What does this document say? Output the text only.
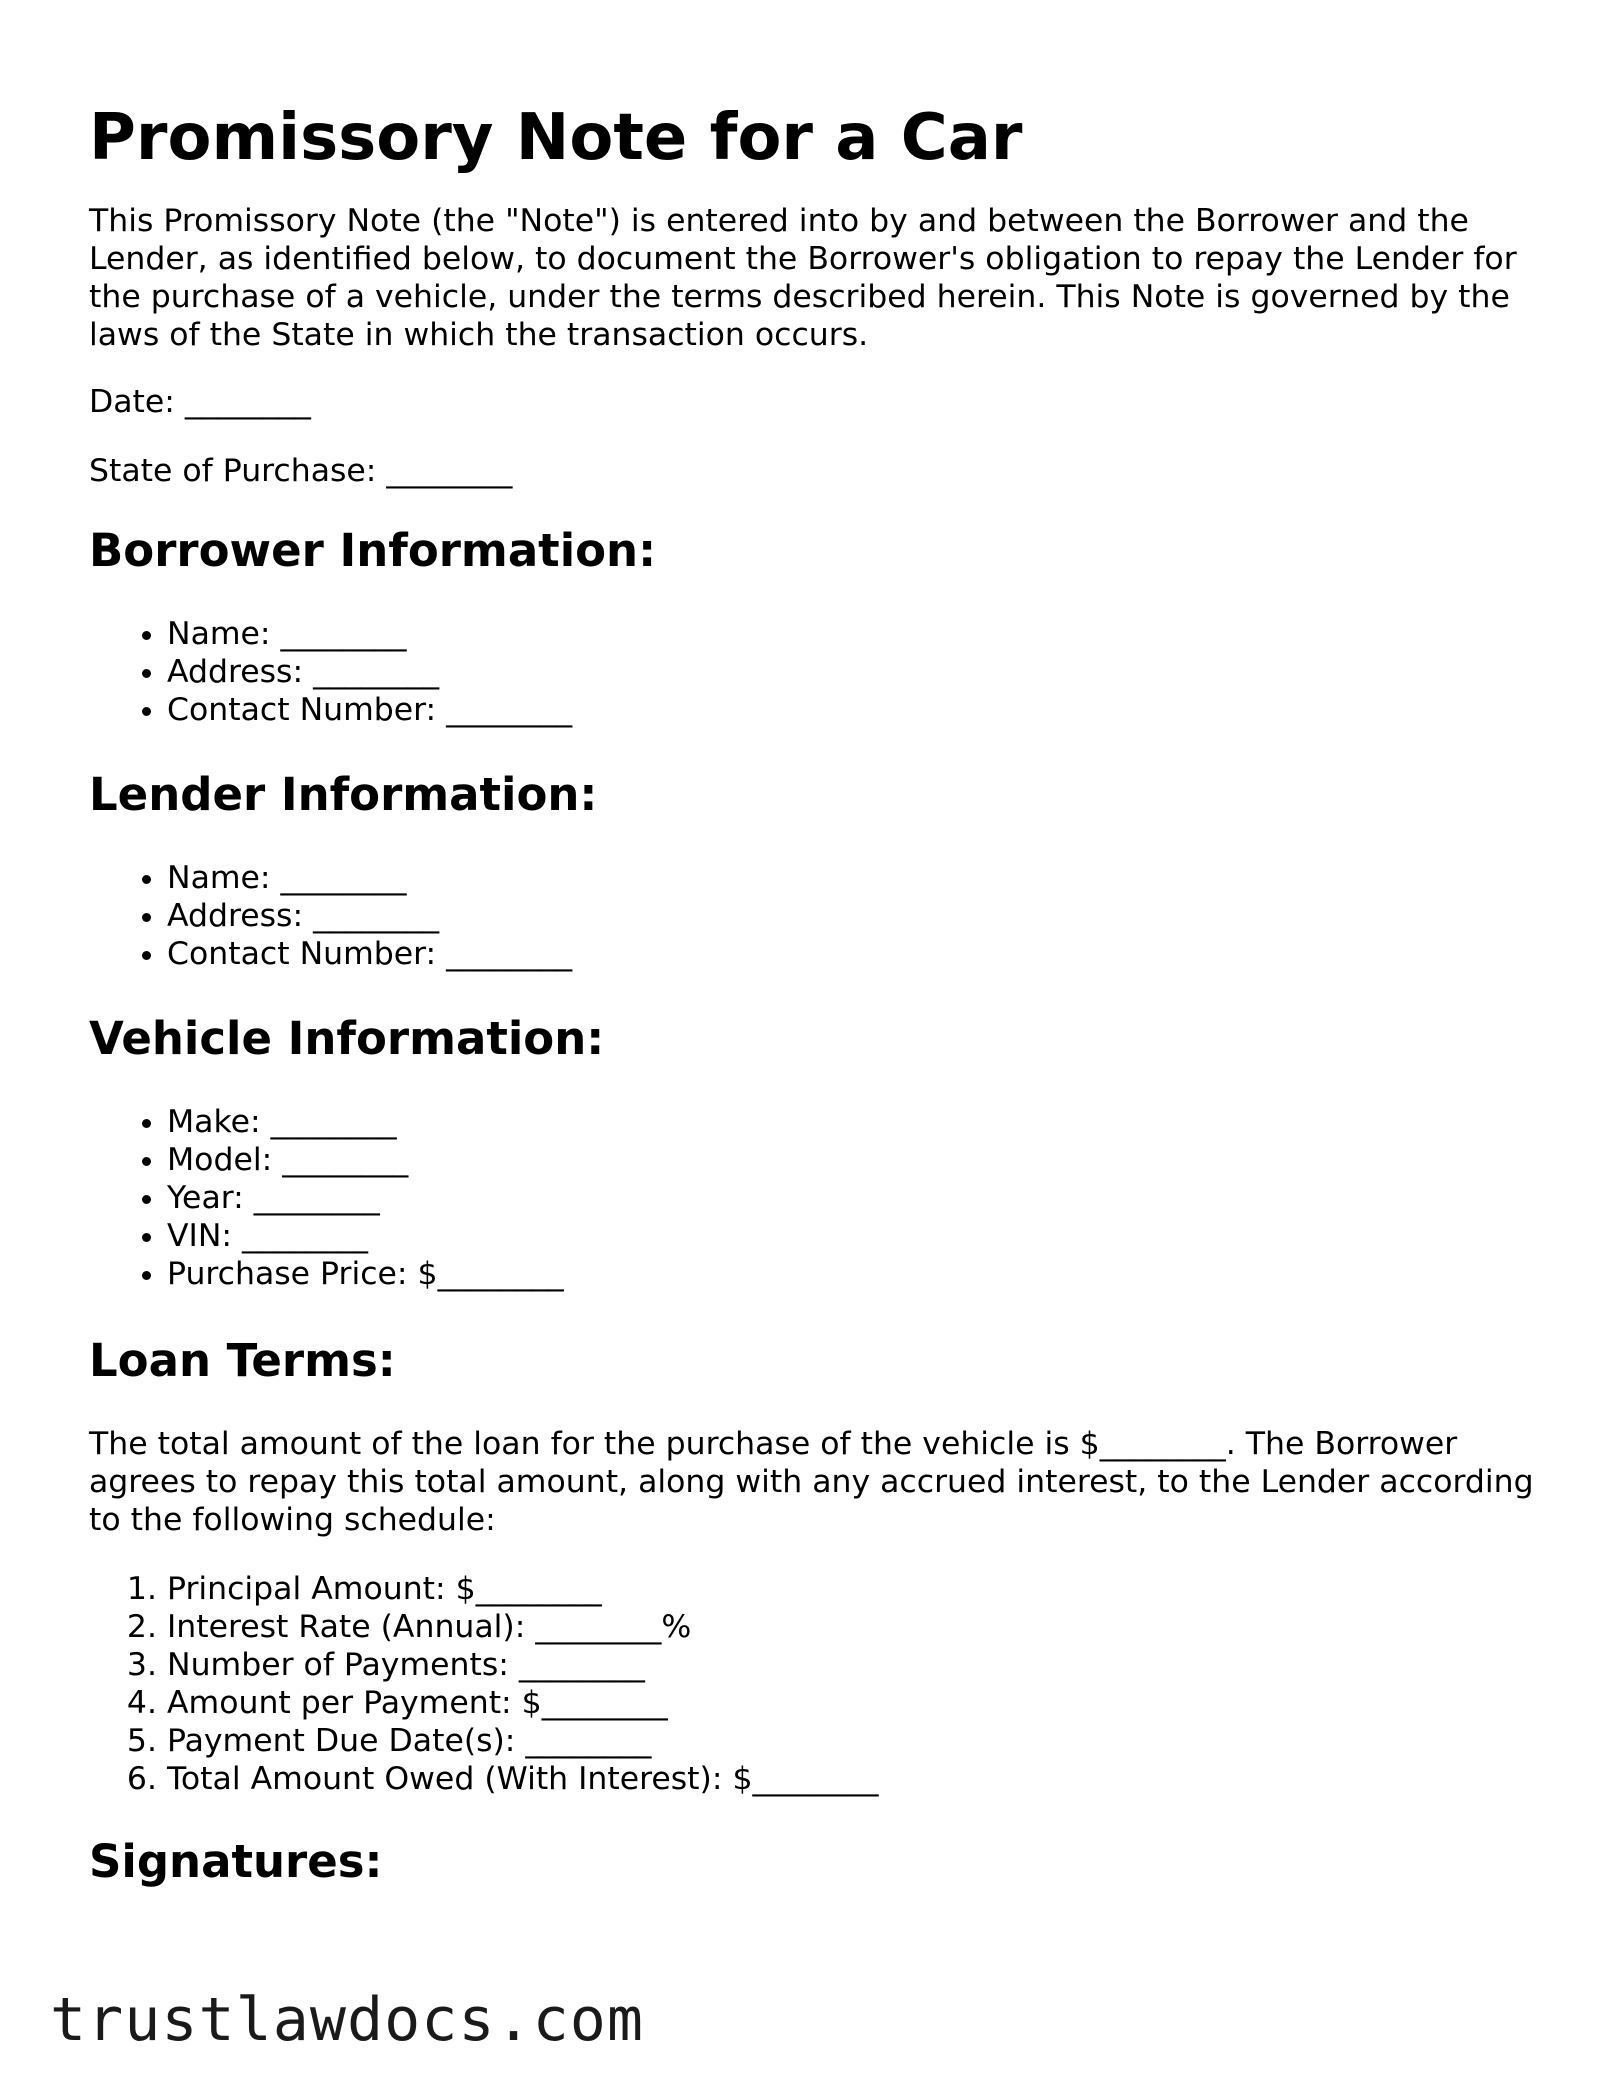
Promissory Note for a Car

This Promissory Note (the "Note") is entered into by and between the Borrower and the Lender, as identified below, to document the Borrower's obligation to repay the Lender for the purchase of a vehicle, under the terms described herein. This Note is governed by the laws of the State in which the transaction occurs.

Date: ________

State of Purchase: ________

Borrower Information:
• Name: ________
• Address: ________
• Contact Number: ________
Lender Information:
• Name: ________
• Address: ________
• Contact Number: ________
Vehicle Information:
• Make: ________
• Model: ________
• Year: ________
• VIN: ________
• Purchase Price: $________
Loan Terms:

The total amount of the loan for the purchase of the vehicle is $________. The Borrower agrees to repay this total amount, along with any accrued interest, to the Lender according to the following schedule:

1. Principal Amount: $________
2. Interest Rate (Annual): ________%
3. Number of Payments: ________
4. Amount per Payment: $________
5. Payment Due Date(s): ________
6. Total Amount Owed (With Interest): $________
Signatures:
trustlawdocs.com
